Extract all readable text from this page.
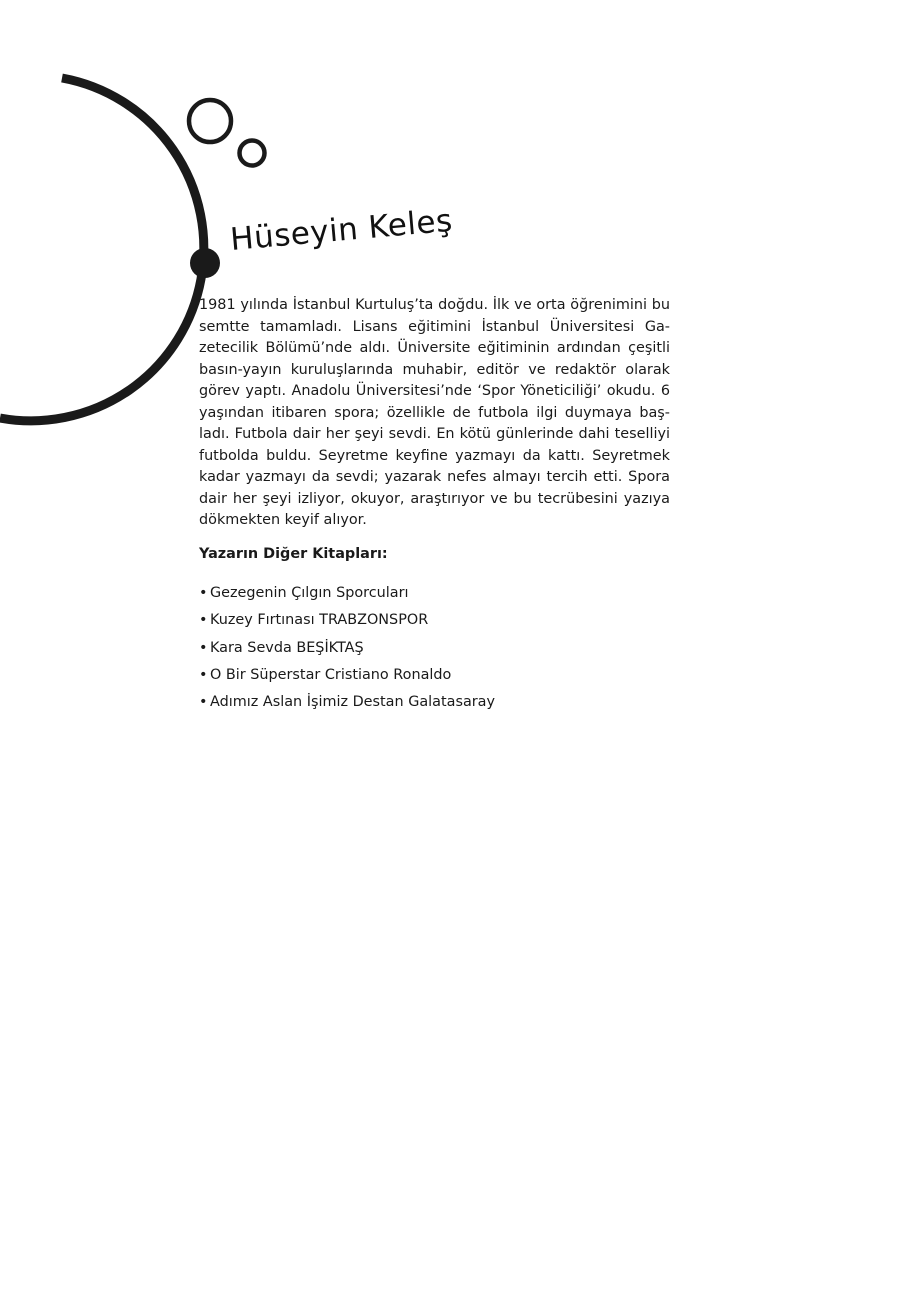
Hüseyin Keleş

1981 yılında İstanbul Kurtuluş’ta doğdu. İlk ve orta öğrenimini bu semtte tamamladı. Lisans eğitimini İstanbul Üniversitesi Gazetecilik Bölümü’nde aldı. Üniversite eğitiminin ardından çeşitli basın-yayın kuruluşlarında muhabir, editör ve redaktör olarak görev yaptı. Anadolu Üniversitesi’nde ‘Spor Yöneticiliği’ okudu. 6 yaşından itibaren spora; özellikle de futbola ilgi duymaya başladı. Futbola dair her şeyi sevdi. En kötü günlerinde dahi teselliyi futbolda buldu. Seyretme keyfine yazmayı da kattı. Seyretmek kadar yazmayı da sevdi; yazarak nefes almayı tercih etti. Spora dair her şeyi izliyor, okuyor, araştırıyor ve bu tecrübesini yazıya dökmekten keyif alıyor.

Yazarın Diğer Kitapları:

• Gezegenin Çılgın Sporcuları
• Kuzey Fırtınası TRABZONSPOR
• Kara Sevda BEŞİKTAŞ
• O Bir Süperstar Cristiano Ronaldo
• Adımız Aslan İşimiz Destan Galatasaray
